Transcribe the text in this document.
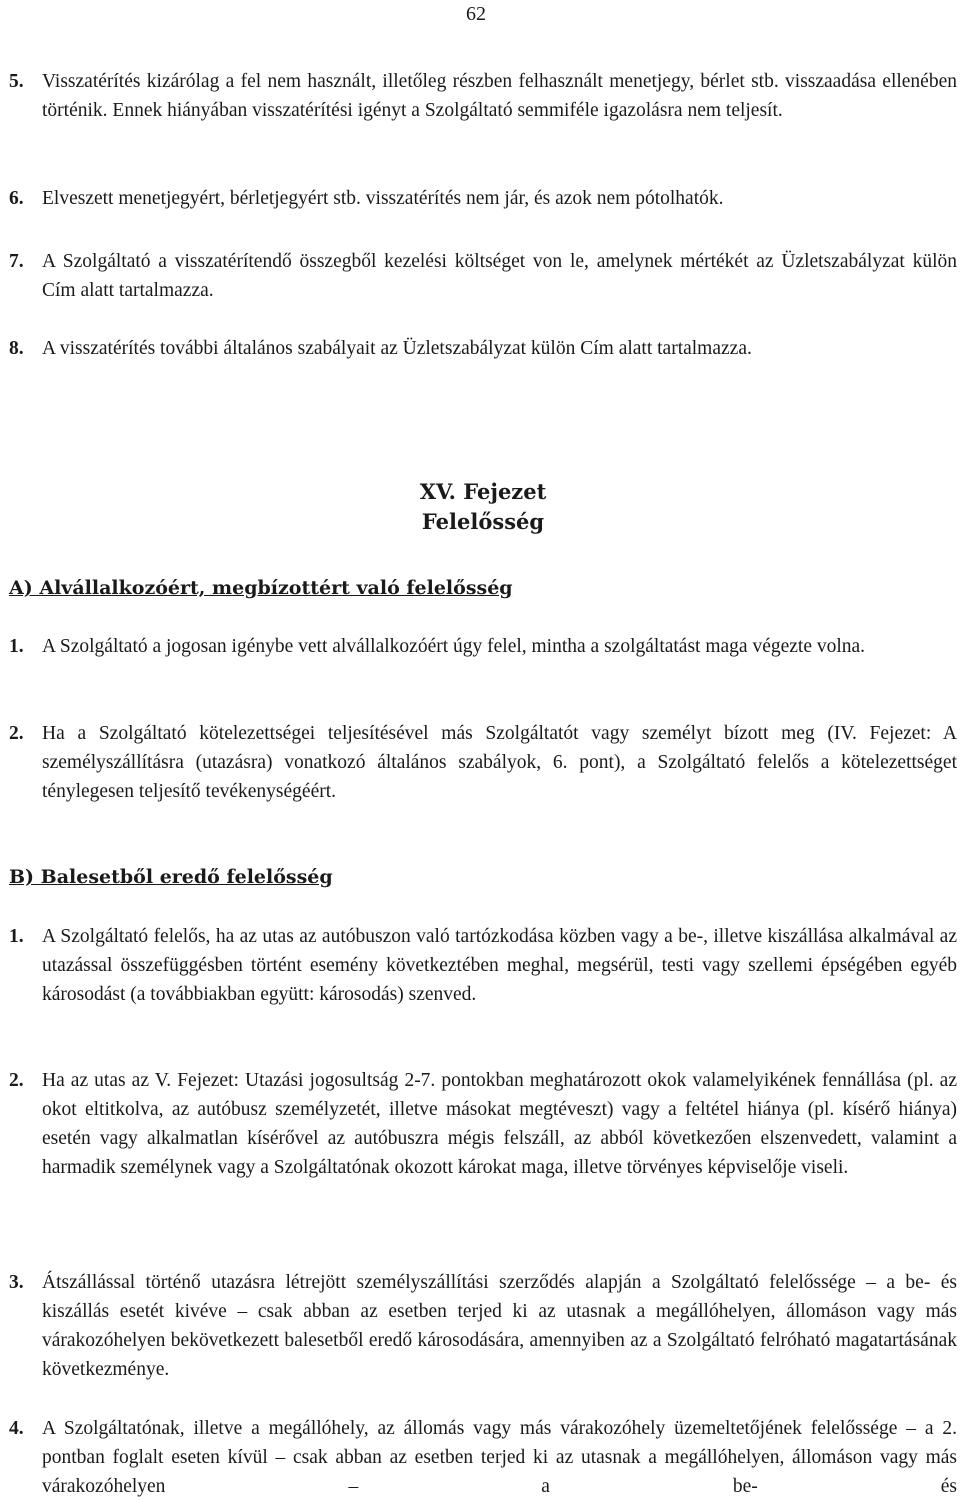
62

5. Visszatérítés kizárólag a fel nem használt, illetőleg részben felhasznált menetjegy, bérlet stb. visszaadása ellenében történik. Ennek hiányában visszatérítési igényt a Szolgáltató semmiféle igazolásra nem teljesít.

6. Elveszett menetjegyért, bérletjegyért stb. visszatérítés nem jár, és azok nem pótolhatók.

7. A Szolgáltató a visszatérítendő összegből kezelési költséget von le, amelynek mértékét az Üzletszabályzat külön Cím alatt tartalmazza.

8. A visszatérítés további általános szabályait az Üzletszabályzat külön Cím alatt tartalmazza.

XV. Fejezet
Felelősség
A) Alvállalkozóért, megbízottért való felelősség

1. A Szolgáltató a jogosan igénybe vett alvállalkozóért úgy felel, mintha a szolgáltatást maga végezte volna.

2. Ha a Szolgáltató kötelezettségei teljesítésével más Szolgáltatót vagy személyt bízott meg (IV. Fejezet: A személyszállításra (utazásra) vonatkozó általános szabályok, 6. pont), a Szolgáltató felelős a kötelezettséget ténylegesen teljesítő tevékenységéért.

B) Balesetből eredő felelősség

1. A Szolgáltató felelős, ha az utas az autóbuszon való tartózkodása közben vagy a be-, illetve kiszállása alkalmával az utazással összefüggésben történt esemény következtében meghal, megsérül, testi vagy szellemi épségében egyéb károsodást (a továbbiakban együtt: károsodás) szenved.

2. Ha az utas az V. Fejezet: Utazási jogosultság 2-7. pontokban meghatározott okok valamelyikének fennállása (pl. az okot eltitkolva, az autóbusz személyzetét, illetve másokat megtéveszt) vagy a feltétel hiánya (pl. kísérő hiánya) esetén vagy alkalmatlan kísérővel az autóbuszra mégis felszáll, az abból következően elszenvedett, valamint a harmadik személynek vagy a Szolgáltatónak okozott károkat maga, illetve törvényes képviselője viseli.

3. Átszállással történő utazásra létrejött személyszállítási szerződés alapján a Szolgáltató felelőssége – a be- és kiszállás esetét kivéve – csak abban az esetben terjed ki az utasnak a megállóhelyen, állomáson vagy más várakozóhelyen bekövetkezett balesetből eredő károsodására, amennyiben az a Szolgáltató felróható magatartásának következménye.

4. A Szolgáltatónak, illetve a megállóhely, az állomás vagy más várakozóhely üzemeltetőjének felelőssége – a 2. pontban foglalt eseten kívül – csak abban az esetben terjed ki az utasnak a megállóhelyen, állomáson vagy más várakozóhelyen – a be- és
